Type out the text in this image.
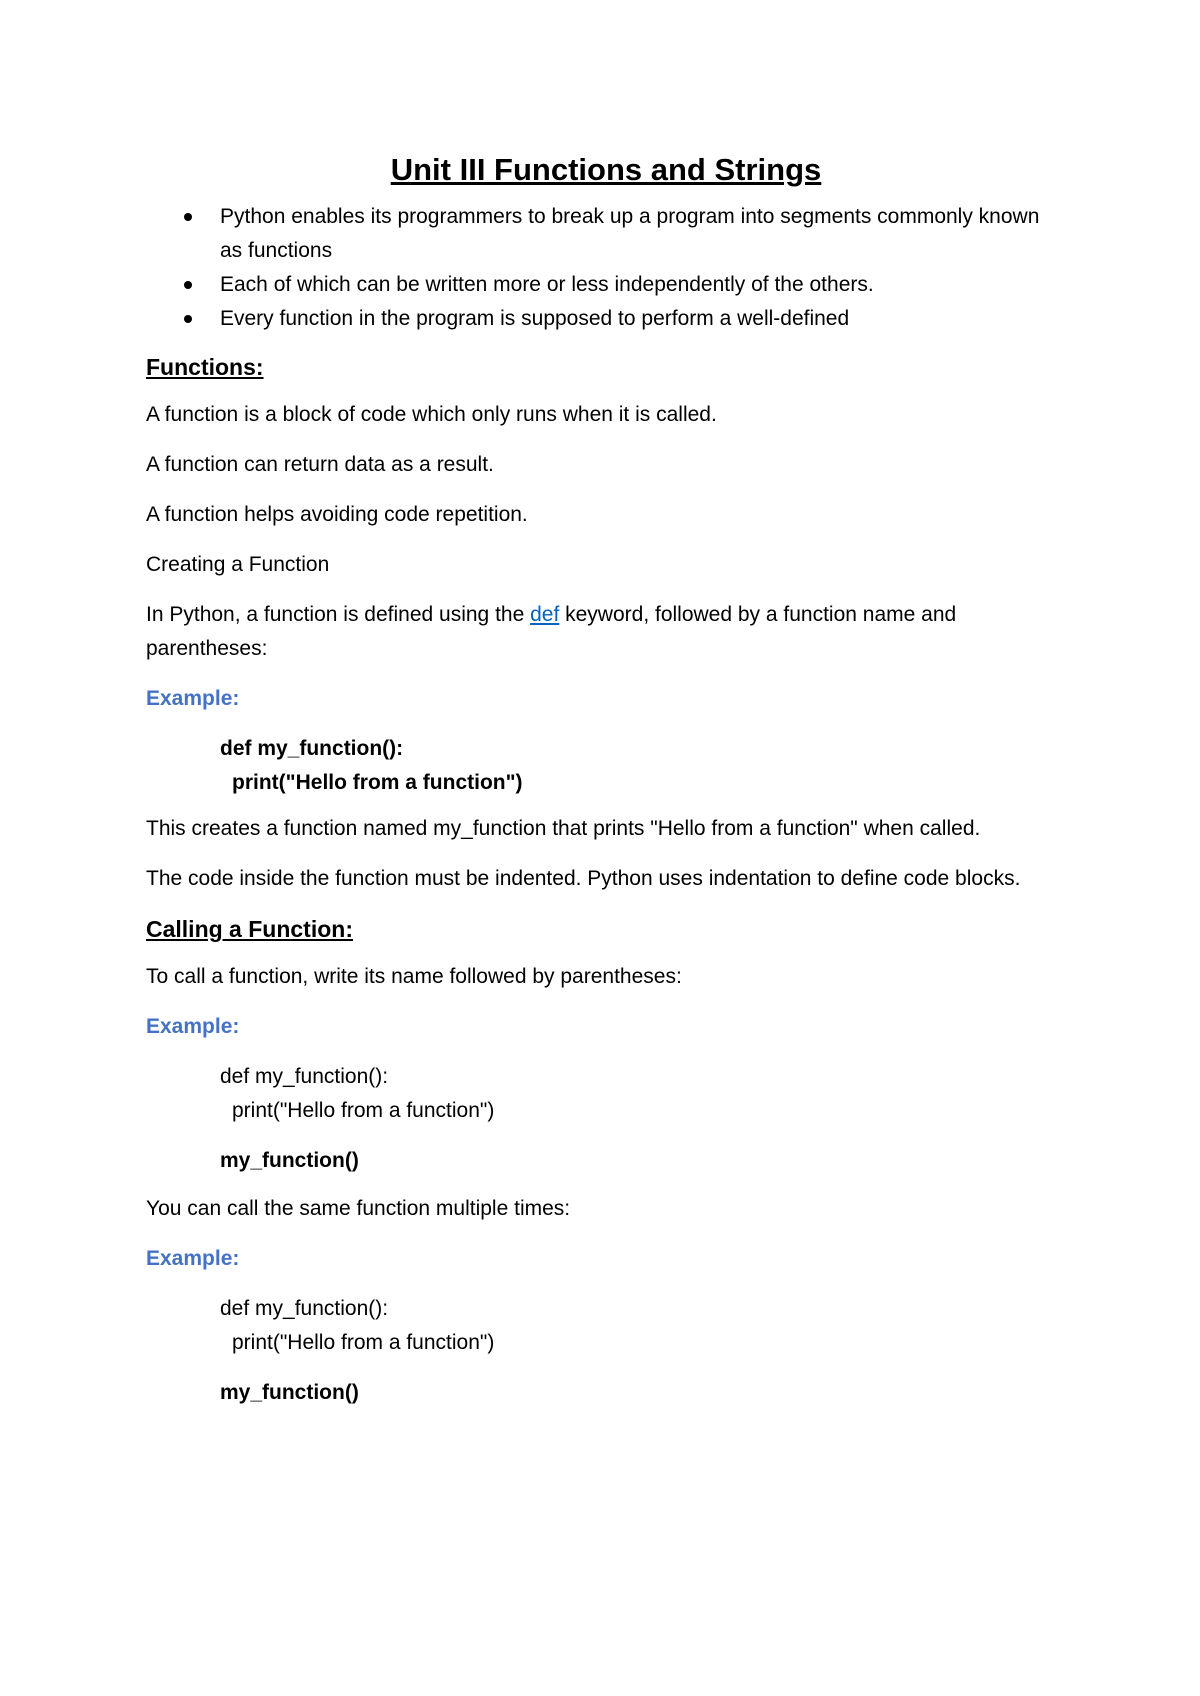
Unit III Functions and Strings
Python enables its programmers to break up a program into segments commonly known as functions
Each of which can be written more or less independently of the others.
Every function in the program is supposed to perform a well-defined
Functions:

A function is a block of code which only runs when it is called.

A function can return data as a result.

A function helps avoiding code repetition.

Creating a Function

In Python, a function is defined using the def keyword, followed by a function name and parentheses:

Example:
def my_function():
print("Hello from a function")

This creates a function named my_function that prints "Hello from a function" when called.

The code inside the function must be indented. Python uses indentation to define code blocks.

Calling a Function:

To call a function, write its name followed by parentheses:

Example:
def my_function():
print("Hello from a function")
my_function()

You can call the same function multiple times:

Example:
def my_function():
print("Hello from a function")
my_function()
